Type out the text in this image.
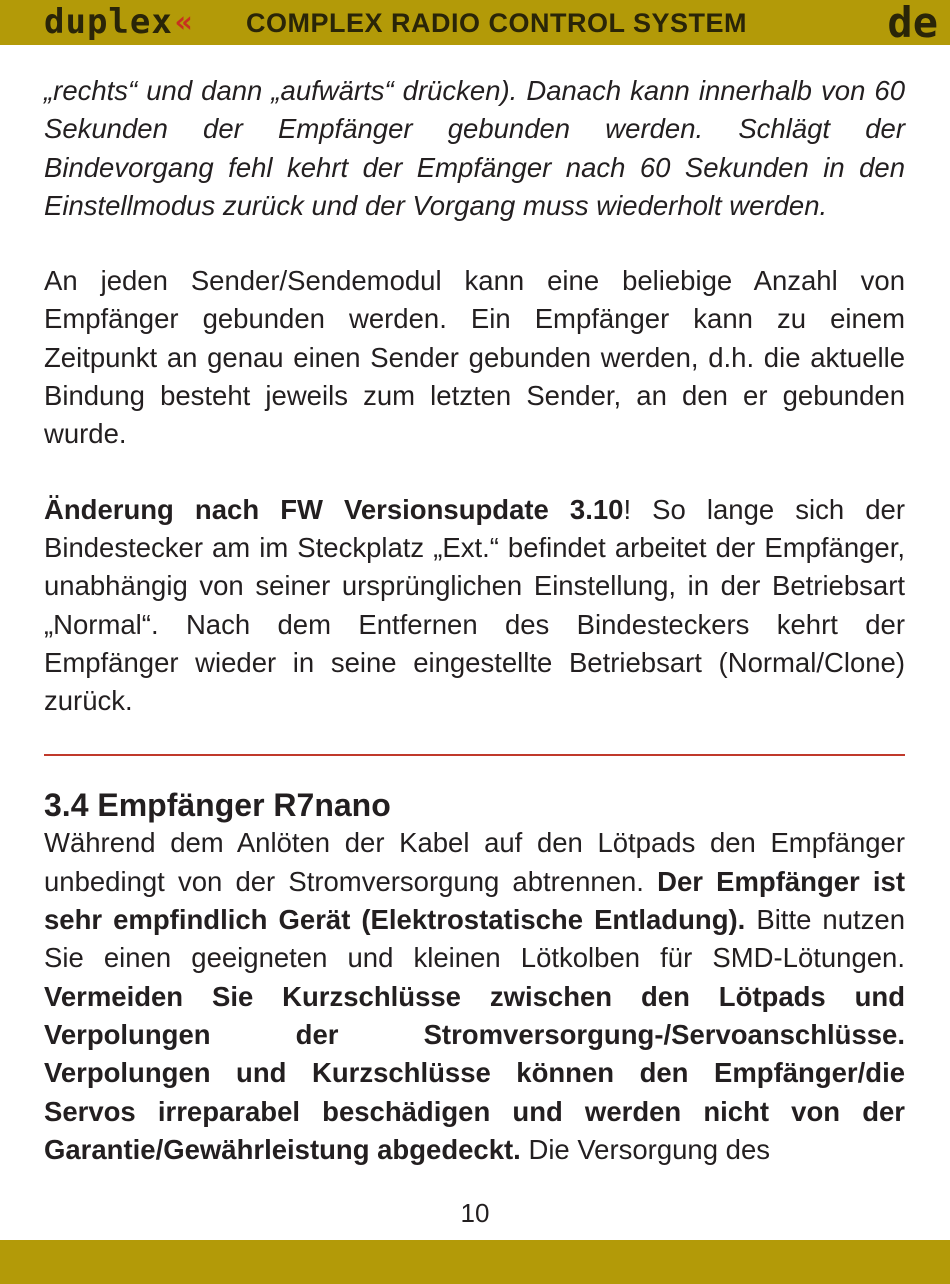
duplex « COMPLEX RADIO CONTROL SYSTEM	de

„rechts“ und dann „aufwärts“ drücken). Danach kann innerhalb von 60 Sekunden der Empfänger gebunden werden. Schlägt der Bindevorgang fehl kehrt der Empfänger nach 60 Sekunden in den Einstellmodus zurück und der Vorgang muss wiederholt werden.

An jeden Sender/Sendemodul kann eine beliebige Anzahl von Empfänger gebunden werden. Ein Empfänger kann zu einem Zeitpunkt an genau einen Sender gebunden werden, d.h. die aktuelle Bindung besteht jeweils zum letzten Sender, an den er gebunden wurde.

Änderung nach FW Versionsupdate 3.10! So lange sich der Bindestecker am im Steckplatz „Ext.“ befindet arbeitet der Empfänger, unabhängig von seiner ursprünglichen Einstellung, in der Betriebsart „Normal“. Nach dem Entfernen des Bindesteckers kehrt der Empfänger wieder in seine eingestellte Betriebsart (Normal/Clone) zurück.

3.4 Empfänger R7nano

Während dem Anlöten der Kabel auf den Lötpads den Empfänger unbedingt von der Stromversorgung abtrennen. Der Empfänger ist sehr empfindlich Gerät (Elektrostatische Entladung). Bitte nutzen Sie einen geeigneten und kleinen Lötkolben für SMD-Lötungen. Vermeiden Sie Kurzschlüsse zwischen den Lötpads und Verpolungen der Stromversorgung-/Servoanschlüsse. Verpolungen und Kurzschlüsse können den Empfänger/die Servos irreparabel beschädigen und werden nicht von der Garantie/Gewährleistung abgedeckt. Die Versorgung des

10
